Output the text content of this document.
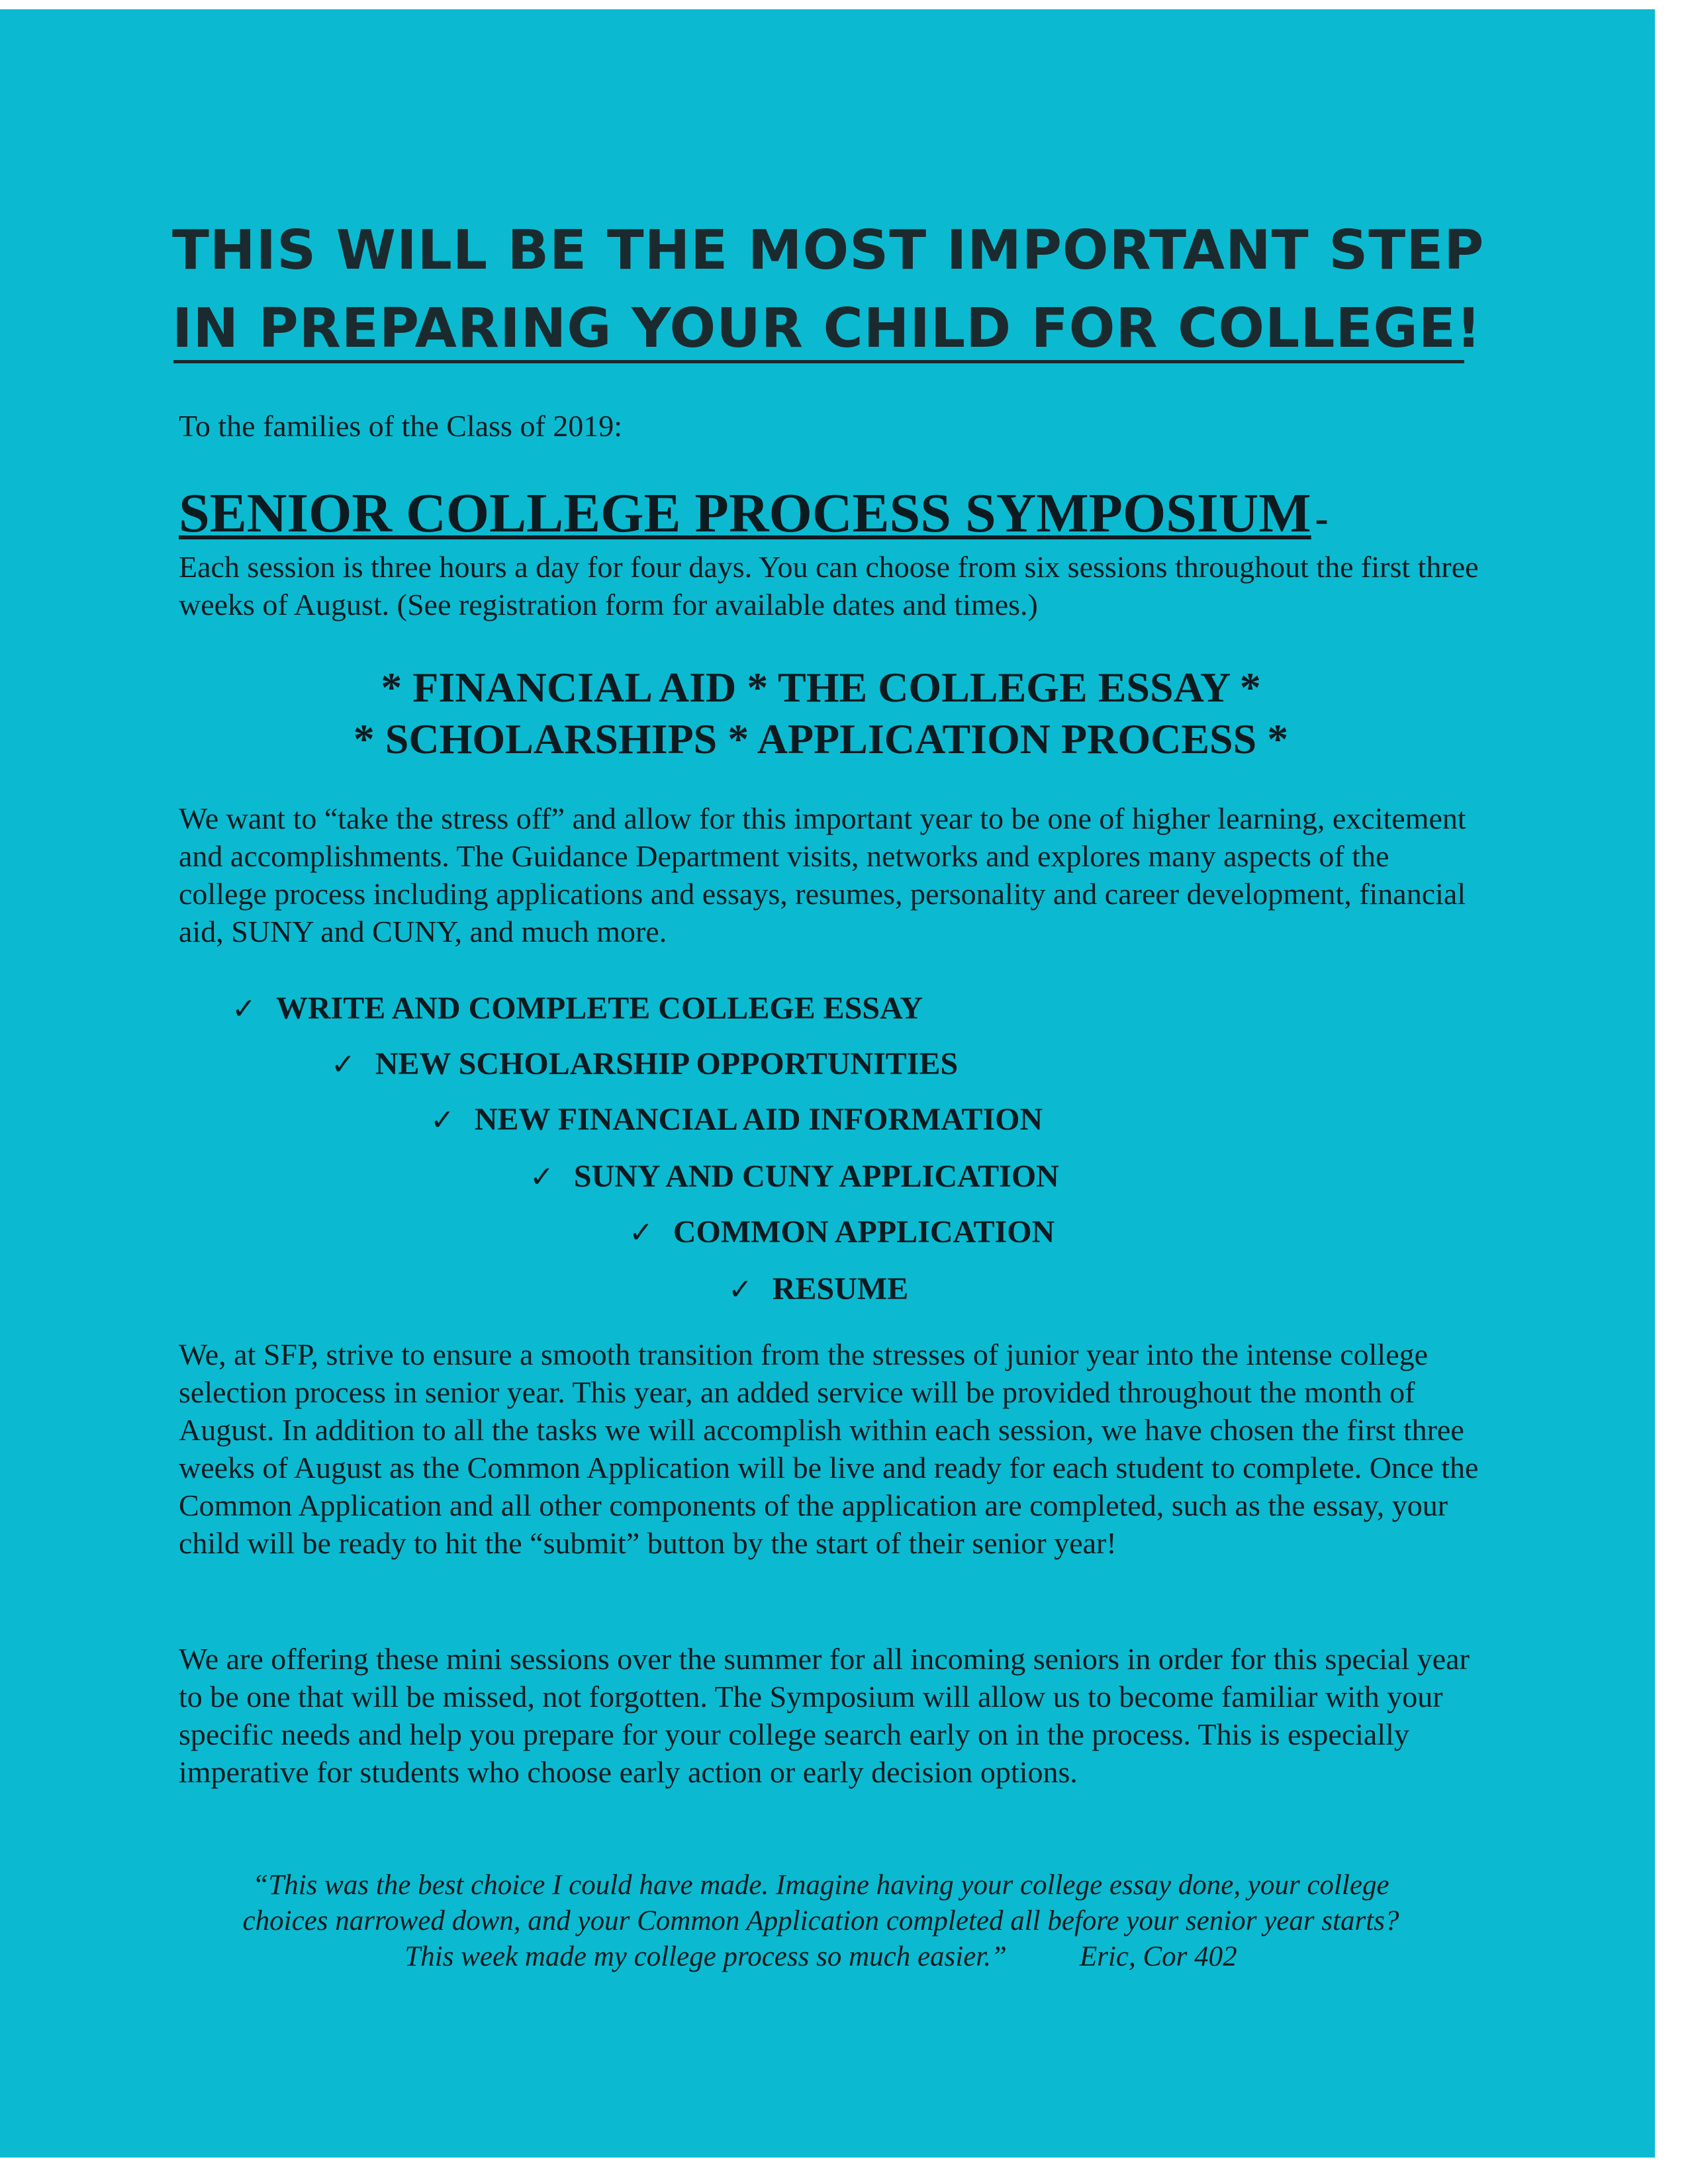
THIS WILL BE THE MOST IMPORTANT STEP
IN PREPARING YOUR CHILD FOR COLLEGE!
To the families of the Class of 2019:
SENIOR COLLEGE PROCESS SYMPOSIUM -
Each session is three hours a day for four days. You can choose from six sessions throughout the first three weeks of August. (See registration form for available dates and times.)
* FINANCIAL AID * THE COLLEGE ESSAY *
* SCHOLARSHIPS * APPLICATION PROCESS *
We want to “take the stress off” and allow for this important year to be one of higher learning, excitement and accomplishments. The Guidance Department visits, networks and explores many aspects of the college process including applications and essays, resumes, personality and career development, financial aid, SUNY and CUNY, and much more.
✓ WRITE AND COMPLETE COLLEGE ESSAY
✓ NEW SCHOLARSHIP OPPORTUNITIES
✓ NEW FINANCIAL AID INFORMATION
✓ SUNY AND CUNY APPLICATION
✓ COMMON APPLICATION
✓ RESUME
We, at SFP, strive to ensure a smooth transition from the stresses of junior year into the intense college selection process in senior year. This year, an added service will be provided throughout the month of August. In addition to all the tasks we will accomplish within each session, we have chosen the first three weeks of August as the Common Application will be live and ready for each student to complete. Once the Common Application and all other components of the application are completed, such as the essay, your child will be ready to hit the “submit” button by the start of their senior year!
We are offering these mini sessions over the summer for all incoming seniors in order for this special year to be one that will be missed, not forgotten. The Symposium will allow us to become familiar with your specific needs and help you prepare for your college search early on in the process. This is especially imperative for students who choose early action or early decision options.
“This was the best choice I could have made. Imagine having your college essay done, your college
choices narrowed down, and your Common Application completed all before your senior year starts?
This week made my college process so much easier.”	Eric, Cor 402
